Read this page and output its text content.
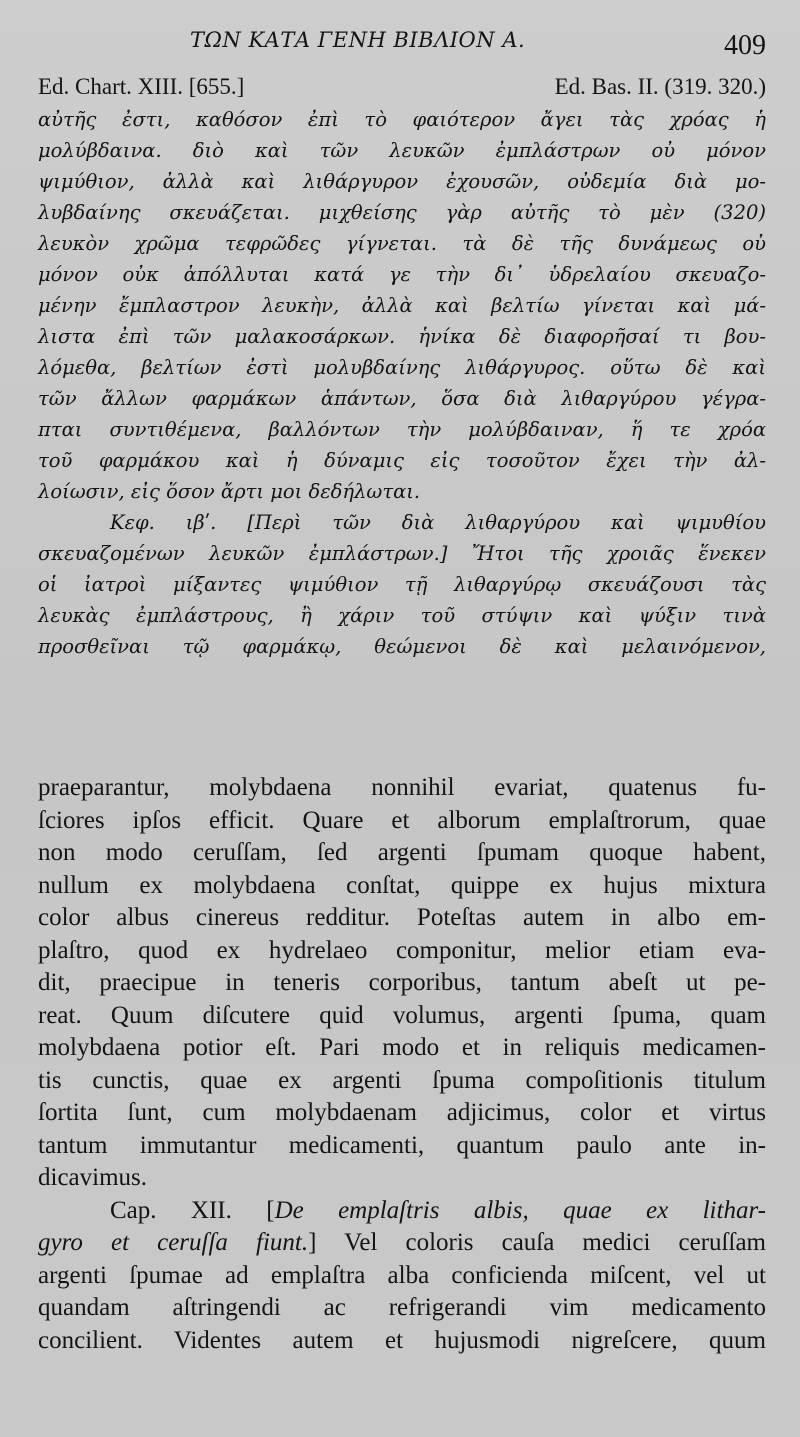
ΤΩΝ ΚΑΤΑ ΓΕΝΗ ΒΙΒΛΙΟΝ Α.	409
Ed. Chart. XIII. [655.]	Ed. Bas. II. (319. 320.)
αὐτῆς ἐστι, καθόσον ἐπὶ τὸ φαιότερον ἄγει τὰς χρόας ἡ
μολύβδαινα. διὸ καὶ τῶν λευκῶν ἐμπλάστρων οὐ μόνον
ψιμύθιον, ἀλλὰ καὶ λιθάργυρον ἐχουσῶν, οὐδεμία διὰ μο-
λυβδαίνης σκευάζεται. μιχθείσης γὰρ αὐτῆς τὸ μὲν (320)
λευκὸν χρῶμα τεφρῶδες γίγνεται. τὰ δὲ τῆς δυνάμεως οὐ
μόνον οὐκ ἀπόλλυται κατά γε τὴν δι᾽ ὑδρελαίου σκευαζο-
μένην ἔμπλαστρον λευκὴν, ἀλλὰ καὶ βελτίω γίνεται καὶ μά-
λιστα ἐπὶ τῶν μαλακοσάρκων. ἡνίκα δὲ διαφορῆσαί τι βου-
λόμεθα, βελτίων ἐστὶ μολυβδαίνης λιθάργυρος. οὕτω δὲ καὶ
τῶν ἄλλων φαρμάκων ἁπάντων, ὅσα διὰ λιθαργύρου γέγρα-
πται συντιθέμενα, βαλλόντων τὴν μολύβδαιναν, ἥ τε χρόα
τοῦ φαρμάκου καὶ ἡ δύναμις εἰς τοσοῦτον ἔχει τὴν ἀλ-
λοίωσιν, εἰς ὅσον ἄρτι μοι δεδήλωται.
Κεφ. ιβʹ. [Περὶ τῶν διὰ λιθαργύρου καὶ ψιμυθίου
σκευαζομένων λευκῶν ἐμπλάστρων.] Ἤτοι τῆς χροιᾶς ἕνεκεν
οἱ ἰατροὶ μίξαντες ψιμύθιον τῇ λιθαργύρῳ σκευάζουσι τὰς
λευκὰς ἐμπλάστρους, ἢ χάριν τοῦ στύψιν καὶ ψύξιν τινὰ
προσθεῖναι τῷ φαρμάκῳ, θεώμενοι δὲ καὶ μελαινόμενον,
praeparantur, molybdaena nonnihil evariat, quatenus fu-
ſciores ipſos efficit. Quare et alborum emplaſtrorum, quae
non modo ceruſſam, ſed argenti ſpumam quoque habent,
nullum ex molybdaena conſtat, quippe ex hujus mixtura
color albus cinereus redditur. Poteſtas autem in albo em-
plaſtro, quod ex hydrelaeo componitur, melior etiam eva-
dit, praecipue in teneris corporibus, tantum abeſt ut pe-
reat. Quum diſcutere quid volumus, argenti ſpuma, quam
molybdaena potior eſt. Pari modo et in reliquis medicamen-
tis cunctis, quae ex argenti ſpuma compoſitionis titulum
ſortita ſunt, cum molybdaenam adjicimus, color et virtus
tantum immutantur medicamenti, quantum paulo ante in-
dicavimus.
Cap. XII. [De emplaſtris albis, quae ex lithar-
gyro et ceruſſa fiunt.] Vel coloris cauſa medici ceruſſam
argenti ſpumae ad emplaſtra alba conficienda miſcent, vel ut
quandam aſtringendi ac refrigerandi vim medicamento
concilient. Videntes autem et hujusmodi nigreſcere, quum
